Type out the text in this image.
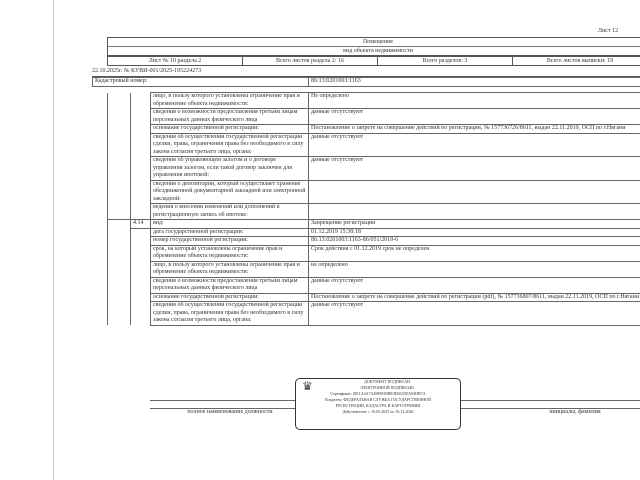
Лист 12
Помещение
вид объекта недвижимости
Лист № 10 раздела 2	Всего листов раздела 2: 16	Всего разделов: 3	Всего листов выписки: 19
22.10.2025г. № КУВИ-001/2025-195224273
Кадастровый номер:	86:13:0201003:1163
		лицо, в пользу которого установлены ограничение прав и обременение объекта недвижимости:	Не определено
		сведения о возможности предоставления третьим лицам персональных данных физического лица	данные отсутствуют
		основание государственной регистрации:	Постановление о запрете на совершение действий по регистрации, № 157736726/8611, выдан 22.11.2019, ОСП по г.Нягани
		сведения об осуществлении государственной регистрации сделки, права, ограничения права без необходимого в силу закона согласия третьего лица, органа:	данные отсутствуют
		сведения об управляющем залогом и о договоре управления залогом, если такой договор заключен для управления ипотекой:	данные отсутствуют
		сведения о депозитарии, который осуществляет хранение обездвиженной документарной закладной или электронной закладной:	
		ведения о внесении изменений или дополнений в регистрационную запись об ипотеке:	
	4.14	вид:	Запрещение регистрации
		дата государственной регистрации:	01.12.2019 15:38:18
		номер государственной регистрации:	86:13:0201003:1163-86/051/2019-6
		срок, на который установлены ограничение прав и обременение объекта недвижимости:	Срок действия с 01.12.2019 срок не определен
		лицо, в пользу которого установлены ограничение прав и обременение объекта недвижимости:	не определено
		сведения о возможности предоставления третьим лицам персональных данных физического лица	данные отсутствуют
		основание государственной регистрации:	Постановление о запрете на совершение действий по регистрации (pdf), № 157736807/8611, выдан 22.11.2019, ОСП по г.Нягани
		сведения об осуществлении государственной регистрации сделки, права, ограничения права без необходимого в силу закона согласия третьего лица, органа:	данные отсутствуют
полное наименование должности	инициалы, фамилия
♛	ДОКУМЕНТ ПОДПИСАН
ЭЛЕКТРОННОЙ ПОДПИСЬЮ
Сертификат: 0811A4A7A4989F83BE0D0C65FA93DB7A
Владелец: ФЕДЕРАЛЬНАЯ СЛУЖБА ГОСУДАРСТВЕННОЙ
РЕГИСТРАЦИИ, КАДАСТРА И КАРТОГРАФИИ
Действителен: с 16.05.2025 по 16.12.2026
